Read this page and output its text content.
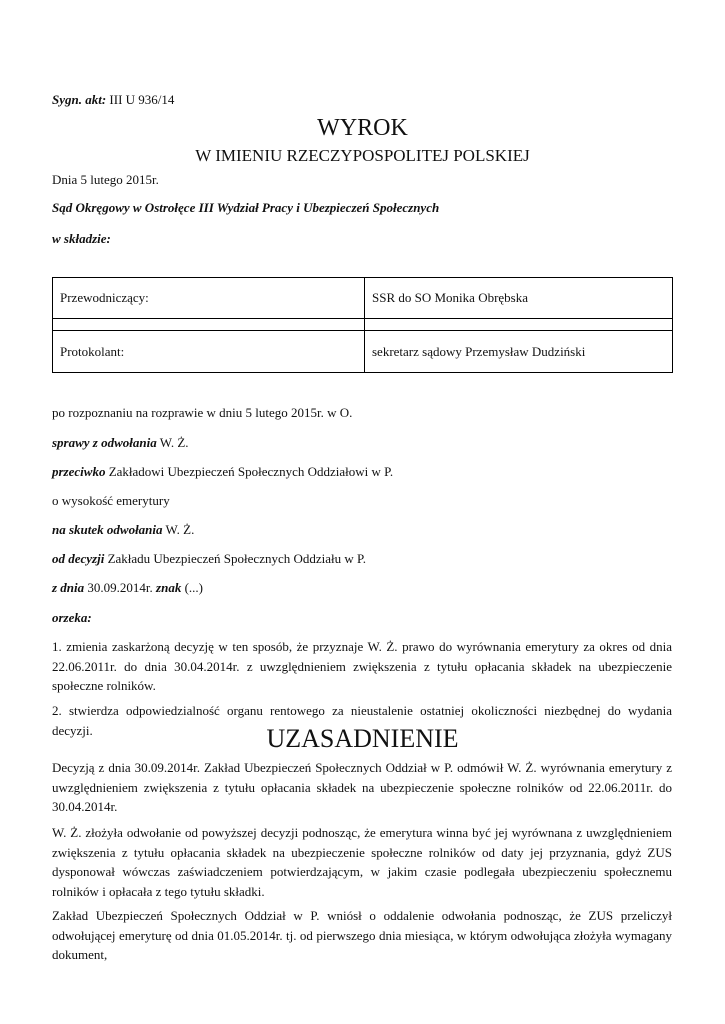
Sygn. akt: III U 936/14
WYROK
W IMIENIU RZECZYPOSPOLITEJ POLSKIEJ
Dnia 5 lutego 2015r.
Sąd Okręgowy w Ostrołęce III Wydział Pracy i Ubezpieczeń Społecznych
w składzie:
Przewodniczący:	SSR do SO Monika Obrębska

Protokolant:	sekretarz sądowy Przemysław Dudziński
po rozpoznaniu na rozprawie w dniu 5 lutego 2015r. w O.
sprawy z odwołania W. Ż.
przeciwko Zakładowi Ubezpieczeń Społecznych Oddziałowi w P.
o wysokość emerytury
na skutek odwołania W. Ż.
od decyzji Zakładu Ubezpieczeń Społecznych Oddziału w P.
z dnia 30.09.2014r. znak (...)
orzeka:
1. zmienia zaskarżoną decyzję w ten sposób, że przyznaje W. Ż. prawo do wyrównania emerytury za okres od dnia 22.06.2011r. do dnia 30.04.2014r. z uwzględnieniem zwiększenia z tytułu opłacania składek na ubezpieczenie społeczne rolników.
2. stwierdza odpowiedzialność organu rentowego za nieustalenie ostatniej okoliczności niezbędnej do wydania decyzji.	UZASADNIENIE
Decyzją z dnia 30.09.2014r. Zakład Ubezpieczeń Społecznych Oddział w P. odmówił W. Ż. wyrównania emerytury z uwzględnieniem zwiększenia z tytułu opłacania składek na ubezpieczenie społeczne rolników od 22.06.2011r. do 30.04.2014r.
W. Ż. złożyła odwołanie od powyższej decyzji podnosząc, że emerytura winna być jej wyrównana z uwzględnieniem zwiększenia z tytułu opłacania składek na ubezpieczenie społeczne rolników od daty jej przyznania, gdyż ZUS dysponował wówczas zaświadczeniem potwierdzającym, w jakim czasie podlegała ubezpieczeniu społecznemu rolników i opłacała z tego tytułu składki.
Zakład Ubezpieczeń Społecznych Oddział w P. wniósł o oddalenie odwołania podnosząc, że ZUS przeliczył odwołującej emeryturę od dnia 01.05.2014r. tj. od pierwszego dnia miesiąca, w którym odwołująca złożyła wymagany dokument,
